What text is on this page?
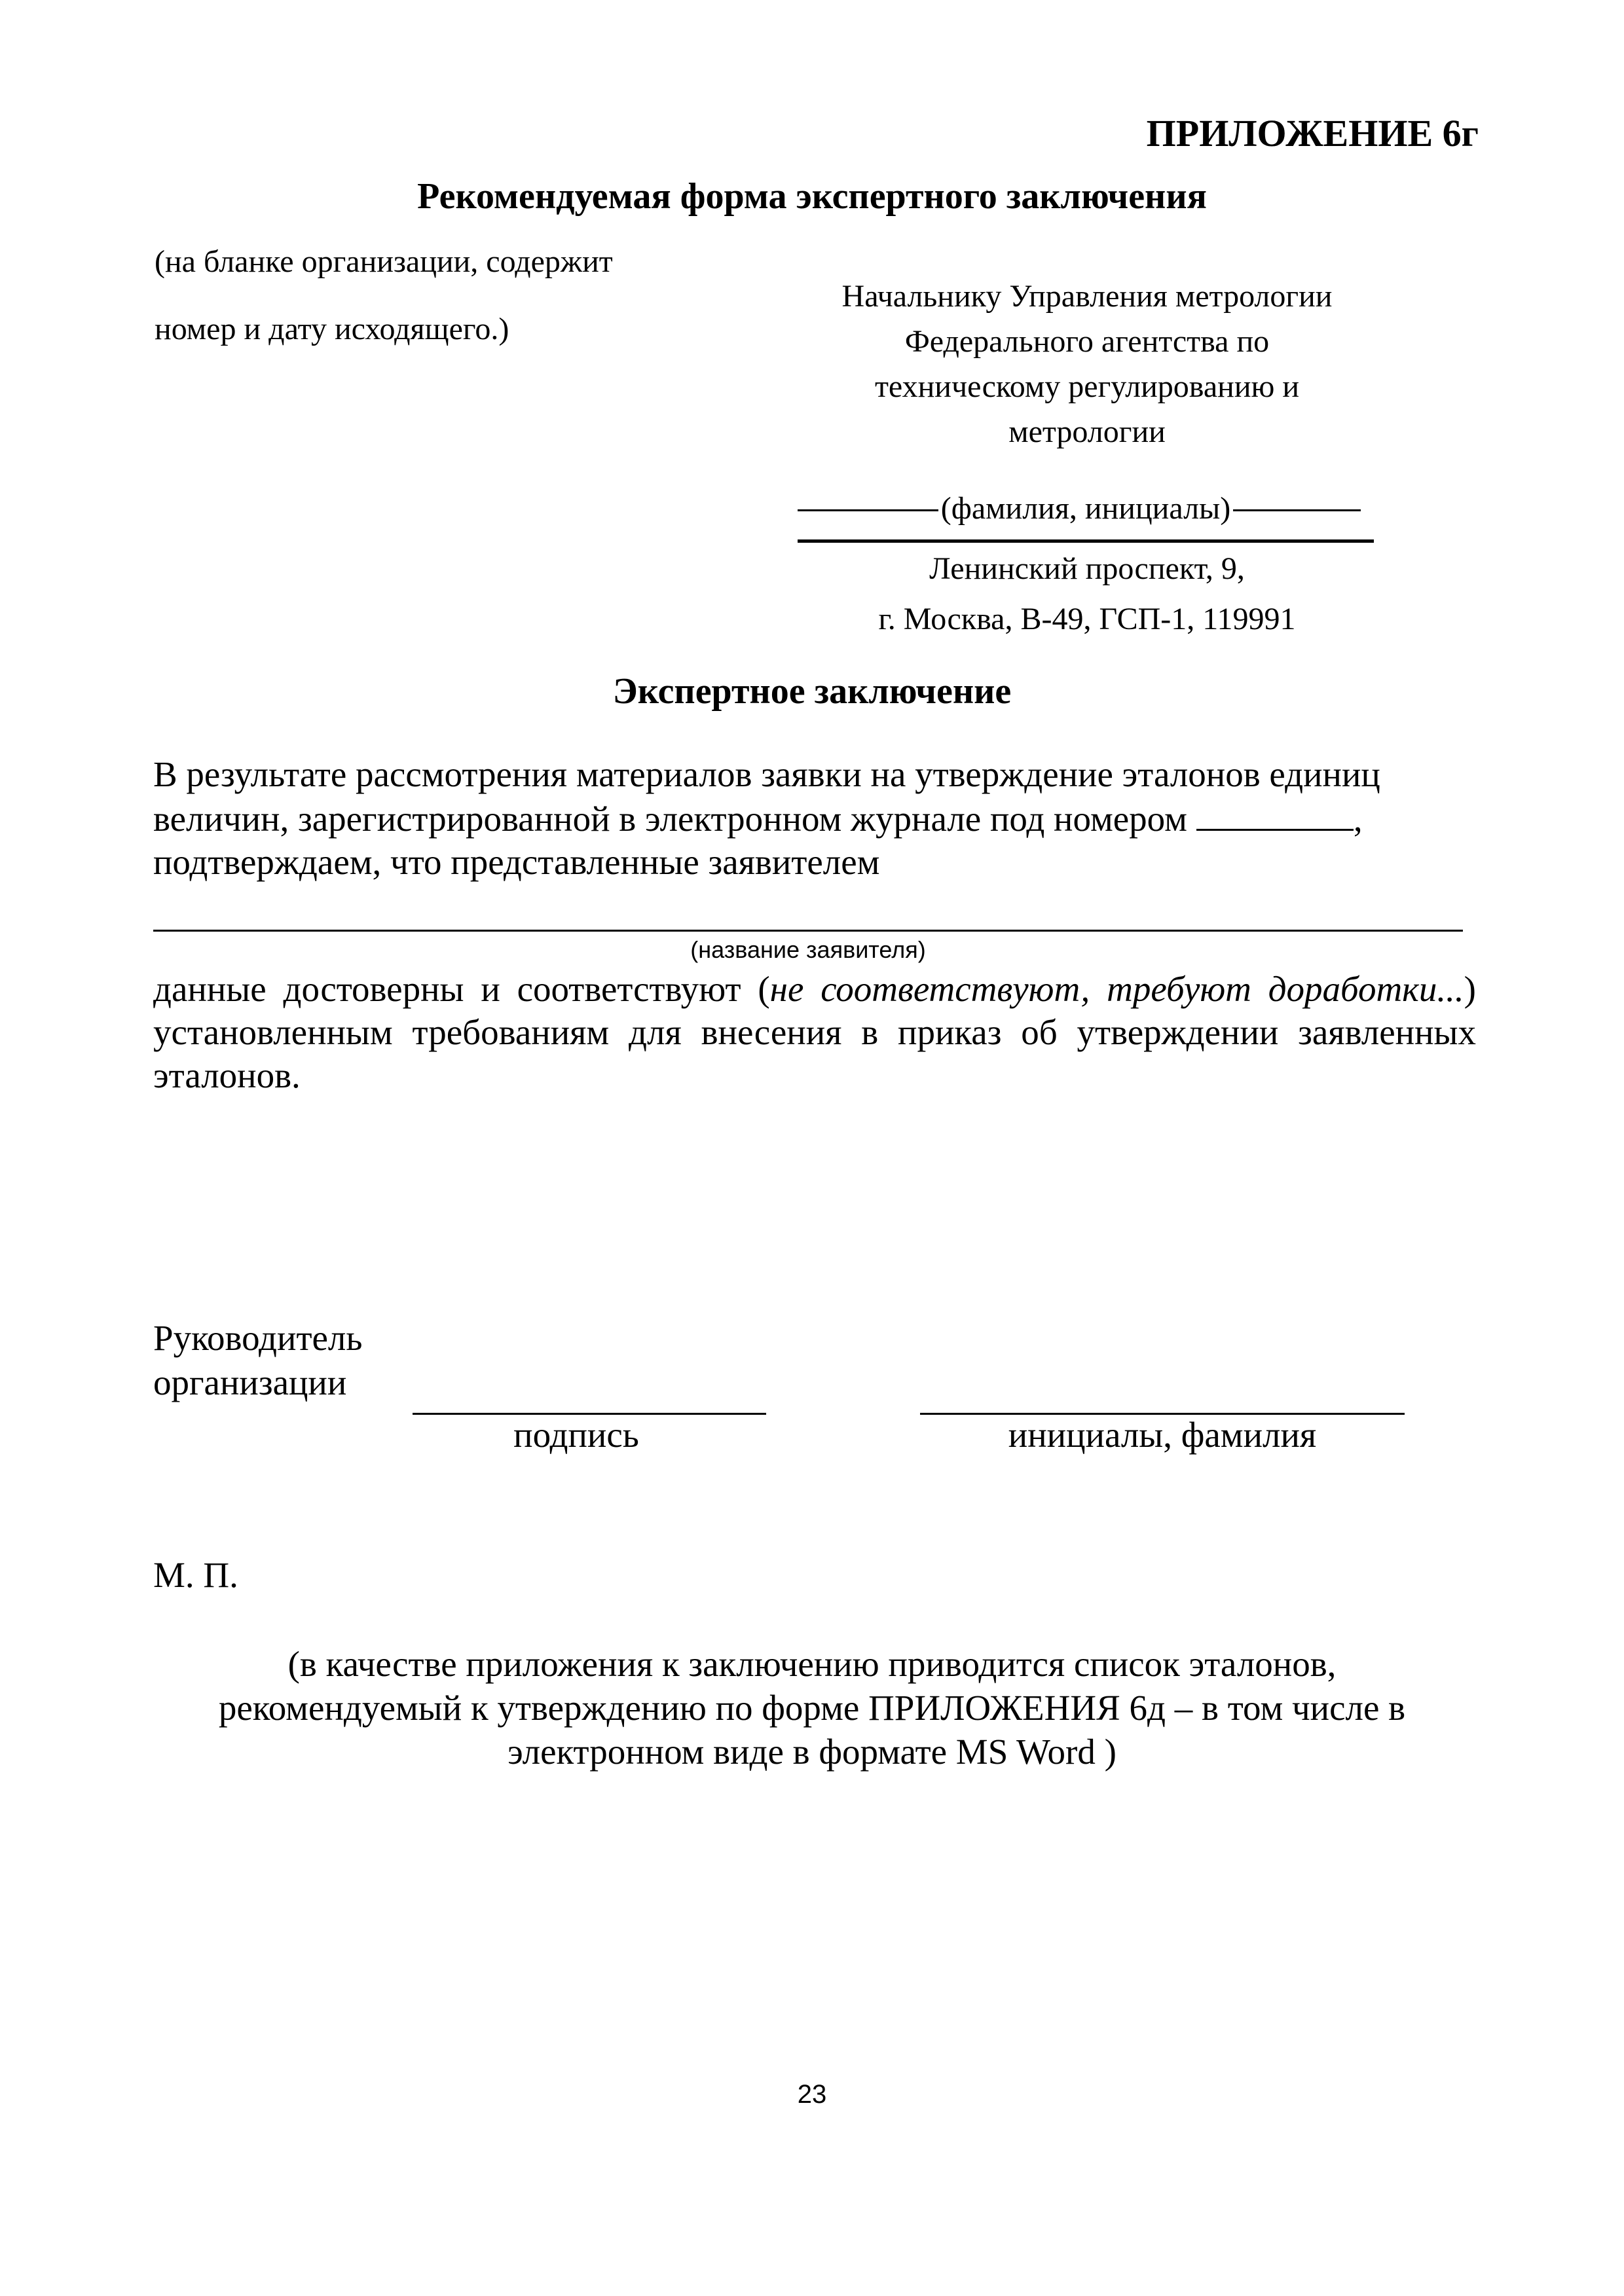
ПРИЛОЖЕНИЕ 6г
Рекомендуемая форма экспертного заключения
(на бланке организации, содержит
номер и дату исходящего.)
Начальнику Управления метрологии
Федерального агентства по
техническому регулированию и
метрологии
(фамилия, инициалы)
Ленинский проспект, 9,
г. Москва, В-49, ГСП-1, 119991
Экспертное заключение
В результате рассмотрения материалов заявки на утверждение эталонов единиц величин, зарегистрированной в электронном журнале под номером	,
подтверждаем, что представленные заявителем
(название заявителя)
данные достоверны и соответствуют (не соответствуют, требуют доработки...) установленным требованиям для внесения в приказ об утверждении заявленных эталонов.
Руководитель
организации
подпись	инициалы, фамилия
М. П.
(в качестве приложения к заключению приводится список эталонов,
рекомендуемый к утверждению по форме ПРИЛОЖЕНИЯ 6д – в том числе в
электронном виде в формате MS Word )
23
